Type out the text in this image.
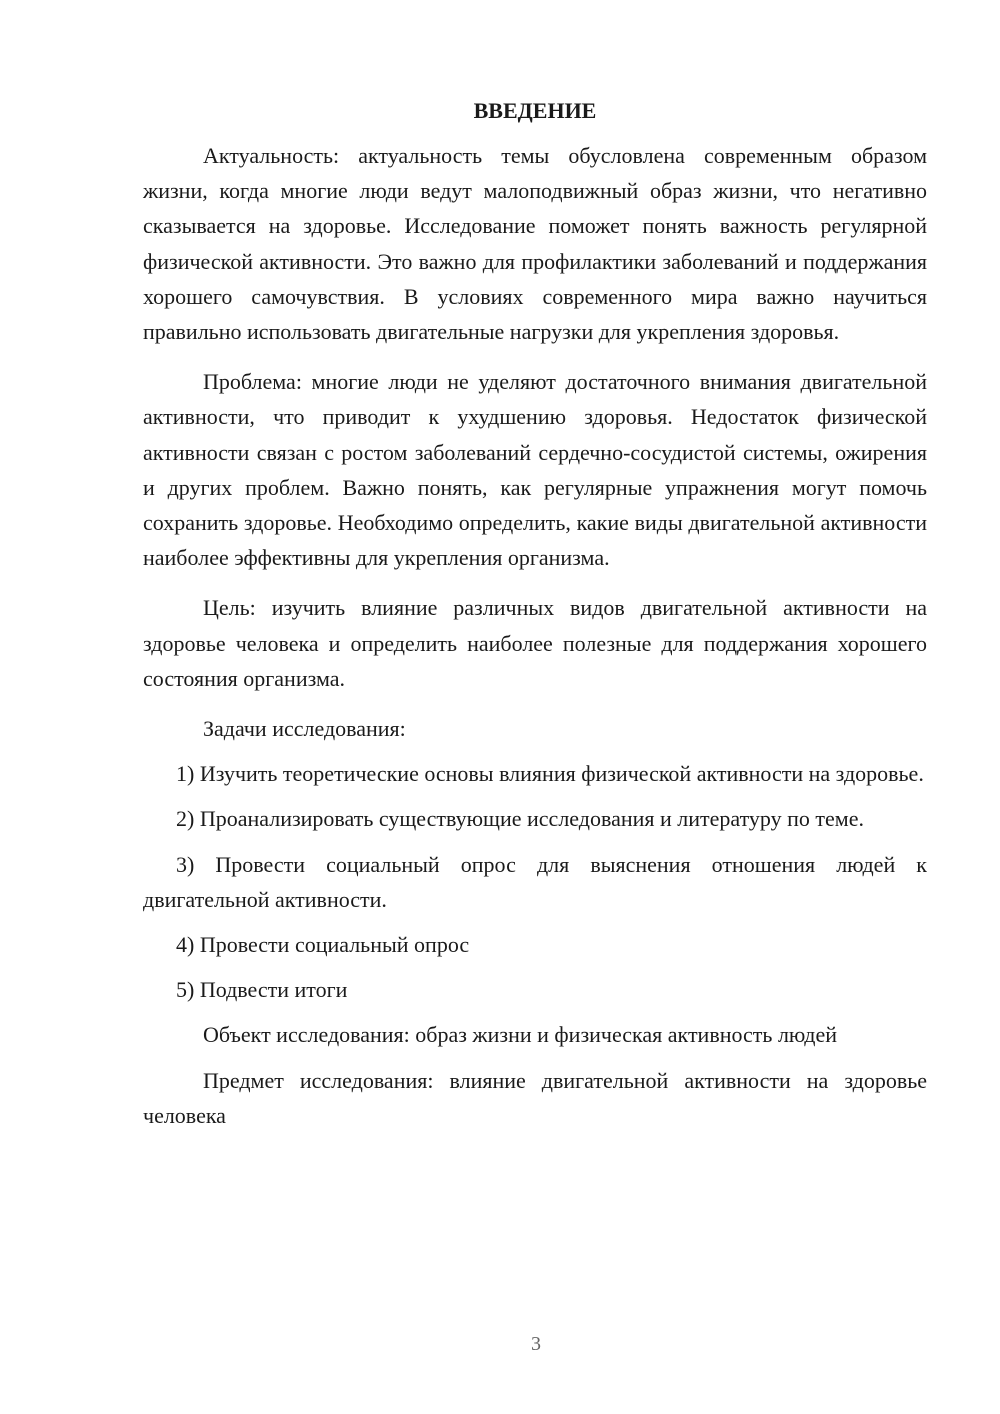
ВВЕДЕНИЕ

Актуальность: актуальность темы обусловлена современным образом жизни, когда многие люди ведут малоподвижный образ жизни, что негативно сказывается на здоровье. Исследование поможет понять важность регулярной физической активности. Это важно для профилактики заболеваний и поддержания хорошего самочувствия. В условиях современного мира важно научиться правильно использовать двигательные нагрузки для укрепления здоровья.

Проблема: многие люди не уделяют достаточного внимания двигательной активности, что приводит к ухудшению здоровья. Недостаток физической активности связан с ростом заболеваний сердечно-сосудистой системы, ожирения и других проблем. Важно понять, как регулярные упражнения могут помочь сохранить здоровье. Необходимо определить, какие виды двигательной активности наиболее эффективны для укрепления организма.

Цель: изучить влияние различных видов двигательной активности на здоровье человека и определить наиболее полезные для поддержания хорошего состояния организма.

Задачи исследования:

1) Изучить теоретические основы влияния физической активности на здоровье.

2) Проанализировать существующие исследования и литературу по теме.

3) Провести социальный опрос для выяснения отношения людей к двигательной активности.

4) Провести социальный опрос

5) Подвести итоги

Объект исследования: образ жизни и физическая активность людей

Предмет исследования: влияние двигательной активности на здоровье человека

3
